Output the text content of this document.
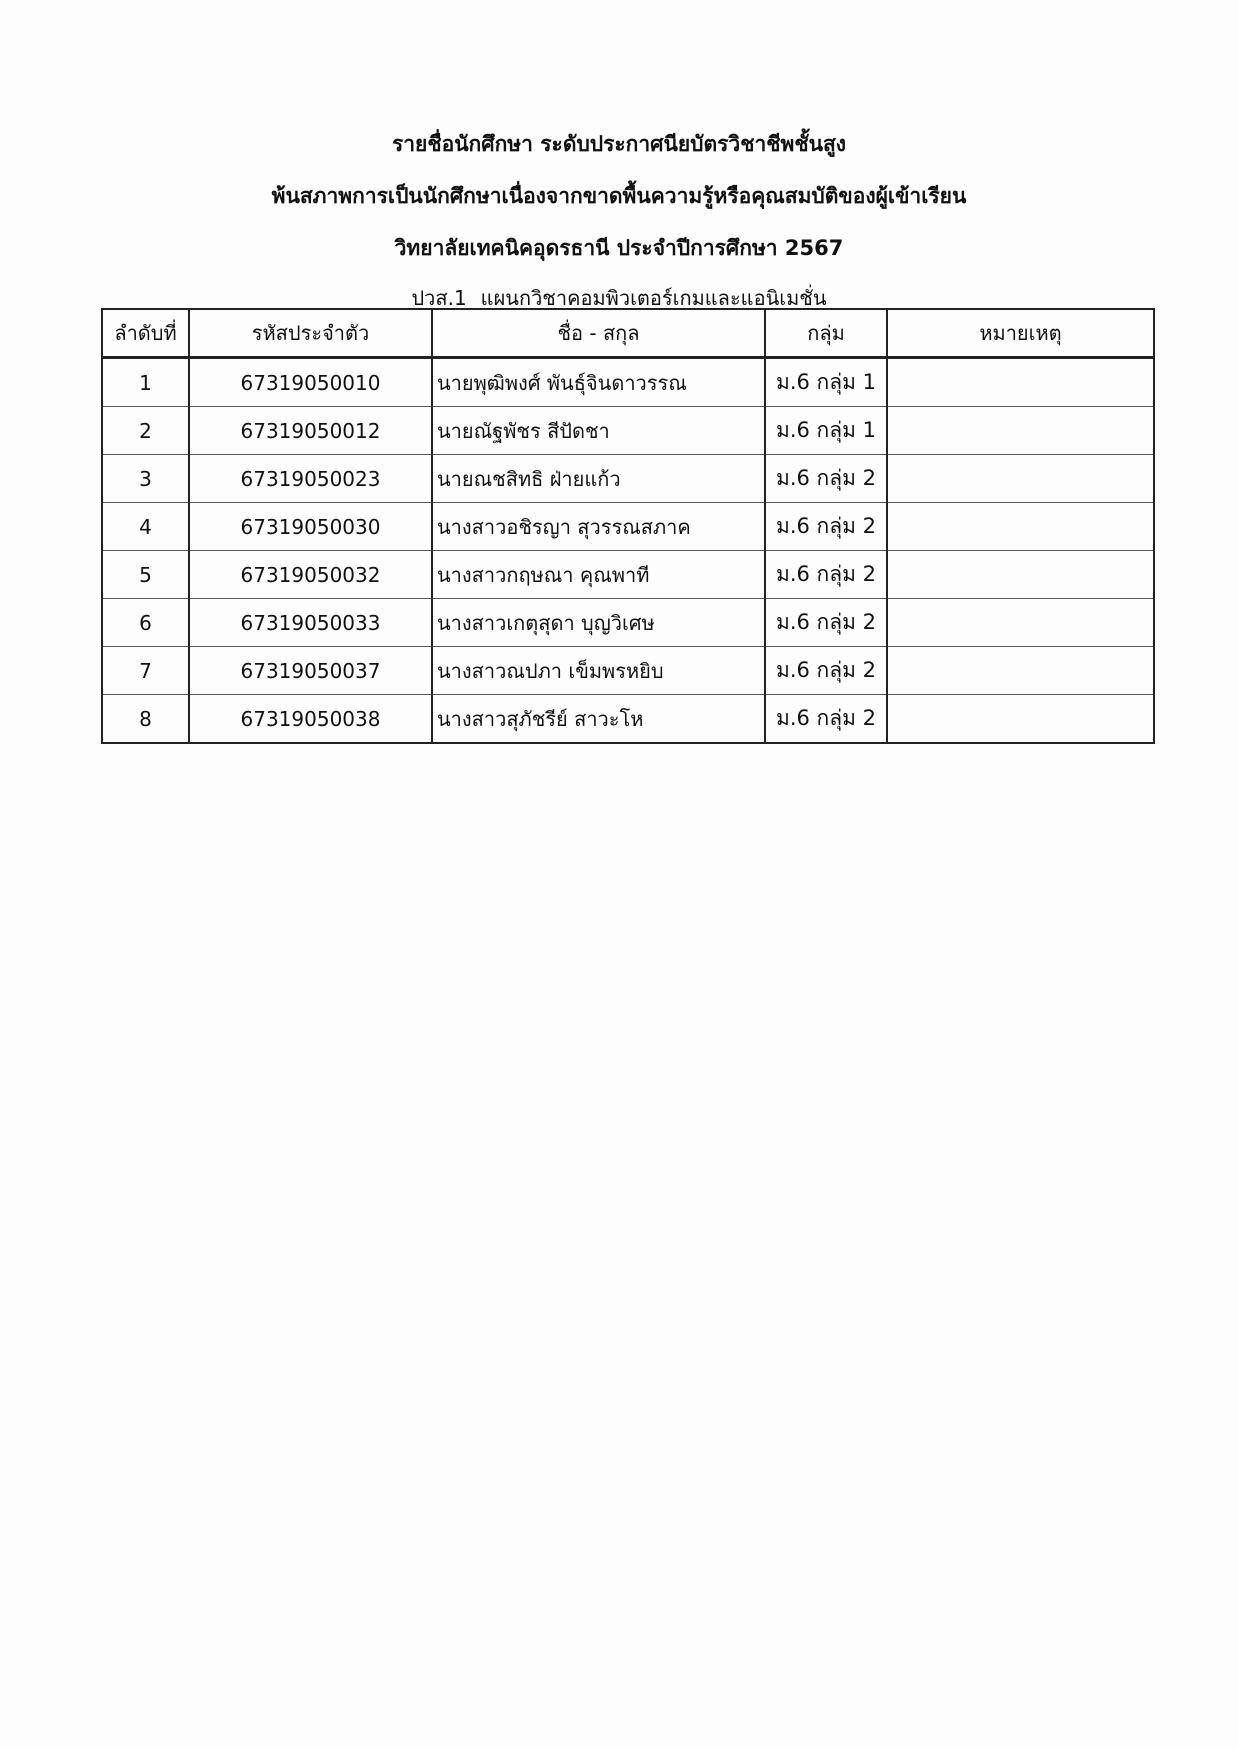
รายชื่อนักศึกษา ระดับประกาศนียบัตรวิชาชีพชั้นสูง
พ้นสภาพการเป็นนักศึกษาเนื่องจากขาดพื้นความรู้หรือคุณสมบัติของผู้เข้าเรียน
วิทยาลัยเทคนิคอุดรธานี ประจำปีการศึกษา 2567
ปวส.1 แผนกวิชาคอมพิวเตอร์เกมและแอนิเมชั่น
ลำดับที่	รหัสประจำตัว	ชื่อ - สกุล	กลุ่ม	หมายเหตุ
1	67319050010	นายพุฒิพงศ์ พันธุ์จินดาวรรณ	ม.6 กลุ่ม 1	
2	67319050012	นายณัฐพัชร สีปัดชา	ม.6 กลุ่ม 1	
3	67319050023	นายณชสิทธิ ฝ่ายแก้ว	ม.6 กลุ่ม 2	
4	67319050030	นางสาวอชิรญา สุวรรณสภาค	ม.6 กลุ่ม 2	
5	67319050032	นางสาวกฤษณา คุณพาที	ม.6 กลุ่ม 2	
6	67319050033	นางสาวเกตุสุดา บุญวิเศษ	ม.6 กลุ่ม 2	
7	67319050037	นางสาวณปภา เข็มพรหยิบ	ม.6 กลุ่ม 2	
8	67319050038	นางสาวสุภัชรีย์ สาวะโห	ม.6 กลุ่ม 2	
